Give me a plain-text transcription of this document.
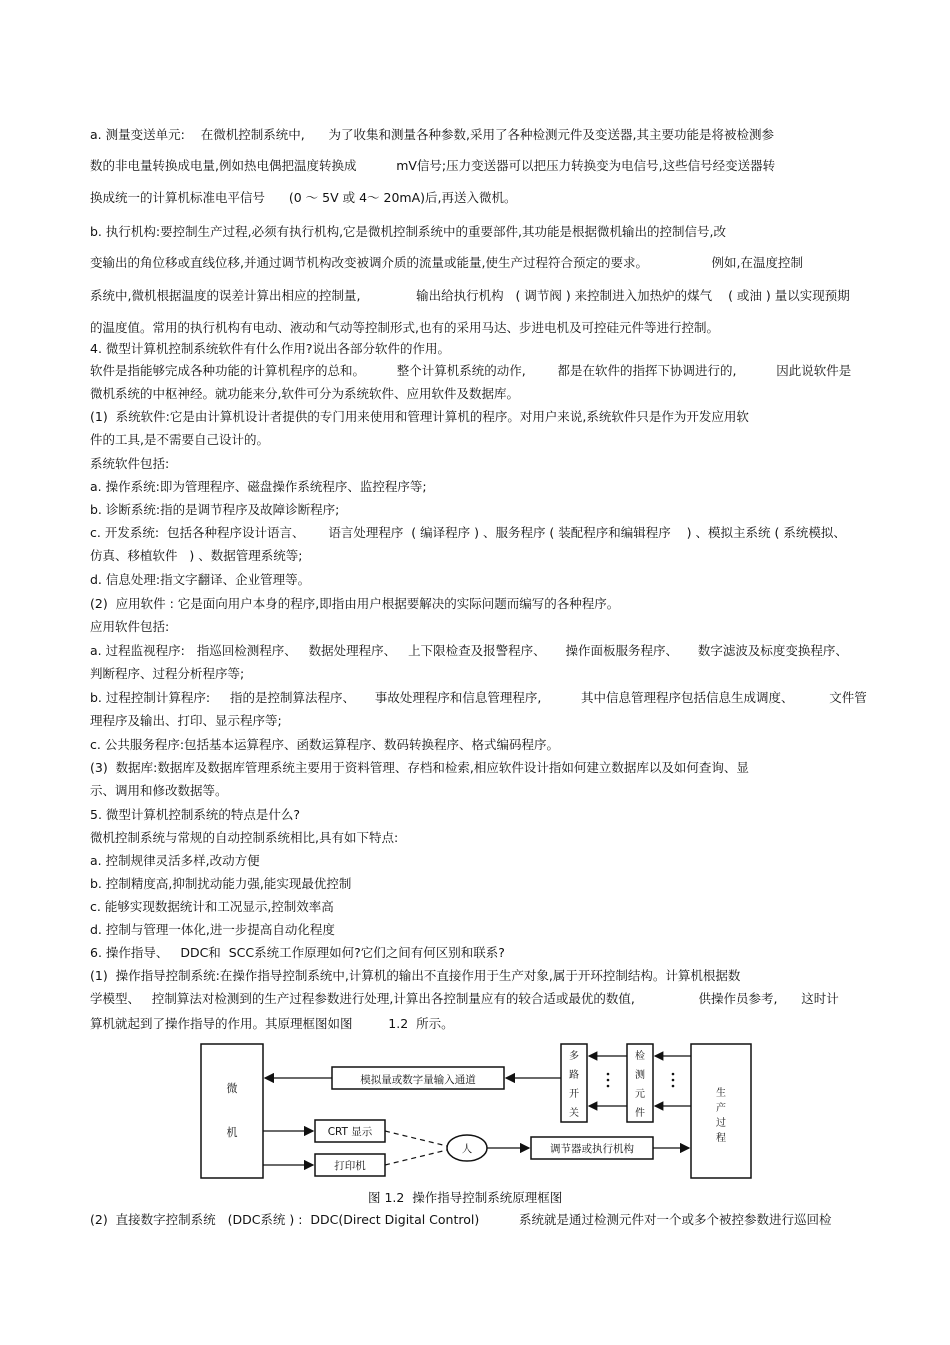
a. 测量变送单元:    在微机控制系统中,      为了收集和测量各种参数,采用了各种检测元件及变送器,其主要功能是将被检测参
数的非电量转换成电量,例如热电偶把温度转换成          mV信号;压力变送器可以把压力转换变为电信号,这些信号经变送器转
换成统一的计算机标准电平信号      (0 ～ 5V 或 4～ 20mA)后,再送入微机。
b. 执行机构:要控制生产过程,必须有执行机构,它是微机控制系统中的重要部件,其功能是根据微机输出的控制信号,改
变输出的角位移或直线位移,并通过调节机构改变被调介质的流量或能量,使生产过程符合预定的要求。                例如,在温度控制
系统中,微机根据温度的误差计算出相应的控制量,              输出给执行机构   ( 调节阀 ) 来控制进入加热炉的煤气    ( 或油 ) 量以实现预期
的温度值。常用的执行机构有电动、液动和气动等控制形式,也有的采用马达、步进电机及可控硅元件等进行控制。
4. 微型计算机控制系统软件有什么作用?说出各部分软件的作用。
软件是指能够完成各种功能的计算机程序的总和。        整个计算机系统的动作,        都是在软件的指挥下协调进行的,          因此说软件是
微机系统的中枢神经。就功能来分,软件可分为系统软件、应用软件及数据库。
(1)  系统软件:它是由计算机设计者提供的专门用来使用和管理计算机的程序。对用户来说,系统软件只是作为开发应用软
件的工具,是不需要自己设计的。
系统软件包括:
a. 操作系统:即为管理程序、磁盘操作系统程序、监控程序等;
b. 诊断系统:指的是调节程序及故障诊断程序;
c. 开发系统:  包括各种程序设计语言、      语言处理程序  ( 编译程序 ) 、服务程序 ( 装配程序和编辑程序    ) 、模拟主系统 ( 系统模拟、
仿真、移植软件   ) 、数据管理系统等;
d. 信息处理:指文字翻译、企业管理等。
(2)  应用软件 : 它是面向用户本身的程序,即指由用户根据要解决的实际问题而编写的各种程序。
应用软件包括:
a. 过程监视程序:   指巡回检测程序、   数据处理程序、   上下限检查及报警程序、     操作面板服务程序、     数字滤波及标度变换程序、
判断程序、过程分析程序等;
b. 过程控制计算程序:     指的是控制算法程序、     事故处理程序和信息管理程序,          其中信息管理程序包括信息生成调度、         文件管
理程序及输出、打印、显示程序等;
c. 公共服务程序:包括基本运算程序、函数运算程序、数码转换程序、格式编码程序。
(3)  数据库:数据库及数据库管理系统主要用于资料管理、存档和检索,相应软件设计指如何建立数据库以及如何查询、显
示、调用和修改数据等。
5. 微型计算机控制系统的特点是什么?
微机控制系统与常规的自动控制系统相比,具有如下特点:
a. 控制规律灵活多样,改动方便
b. 控制精度高,抑制扰动能力强,能实现最优控制
c. 能够实现数据统计和工况显示,控制效率高
d. 控制与管理一体化,进一步提高自动化程度
6. 操作指导、   DDC和  SCC系统工作原理如何?它们之间有何区别和联系?
(1)  操作指导控制系统:在操作指导控制系统中,计算机的输出不直接作用于生产对象,属于开环控制结构。计算机根据数
学模型、   控制算法对检测到的生产过程参数进行处理,计算出各控制量应有的较合适或最优的数值,                供操作员参考,      这时计
算机就起到了操作指导的作用。其原理框图如图         1.2  所示。
微
机
模拟量或数字量输入通道
多
路
开
关
检
测
元
件
生
产
过
程
CRT 显示
打印机
人	调节器或执行机构
图 1.2  操作指导控制系统原理框图
(2)  直接数字控制系统   (DDC系统 ) :  DDC(Direct Digital Control)          系统就是通过检测元件对一个或多个被控参数进行巡回检
